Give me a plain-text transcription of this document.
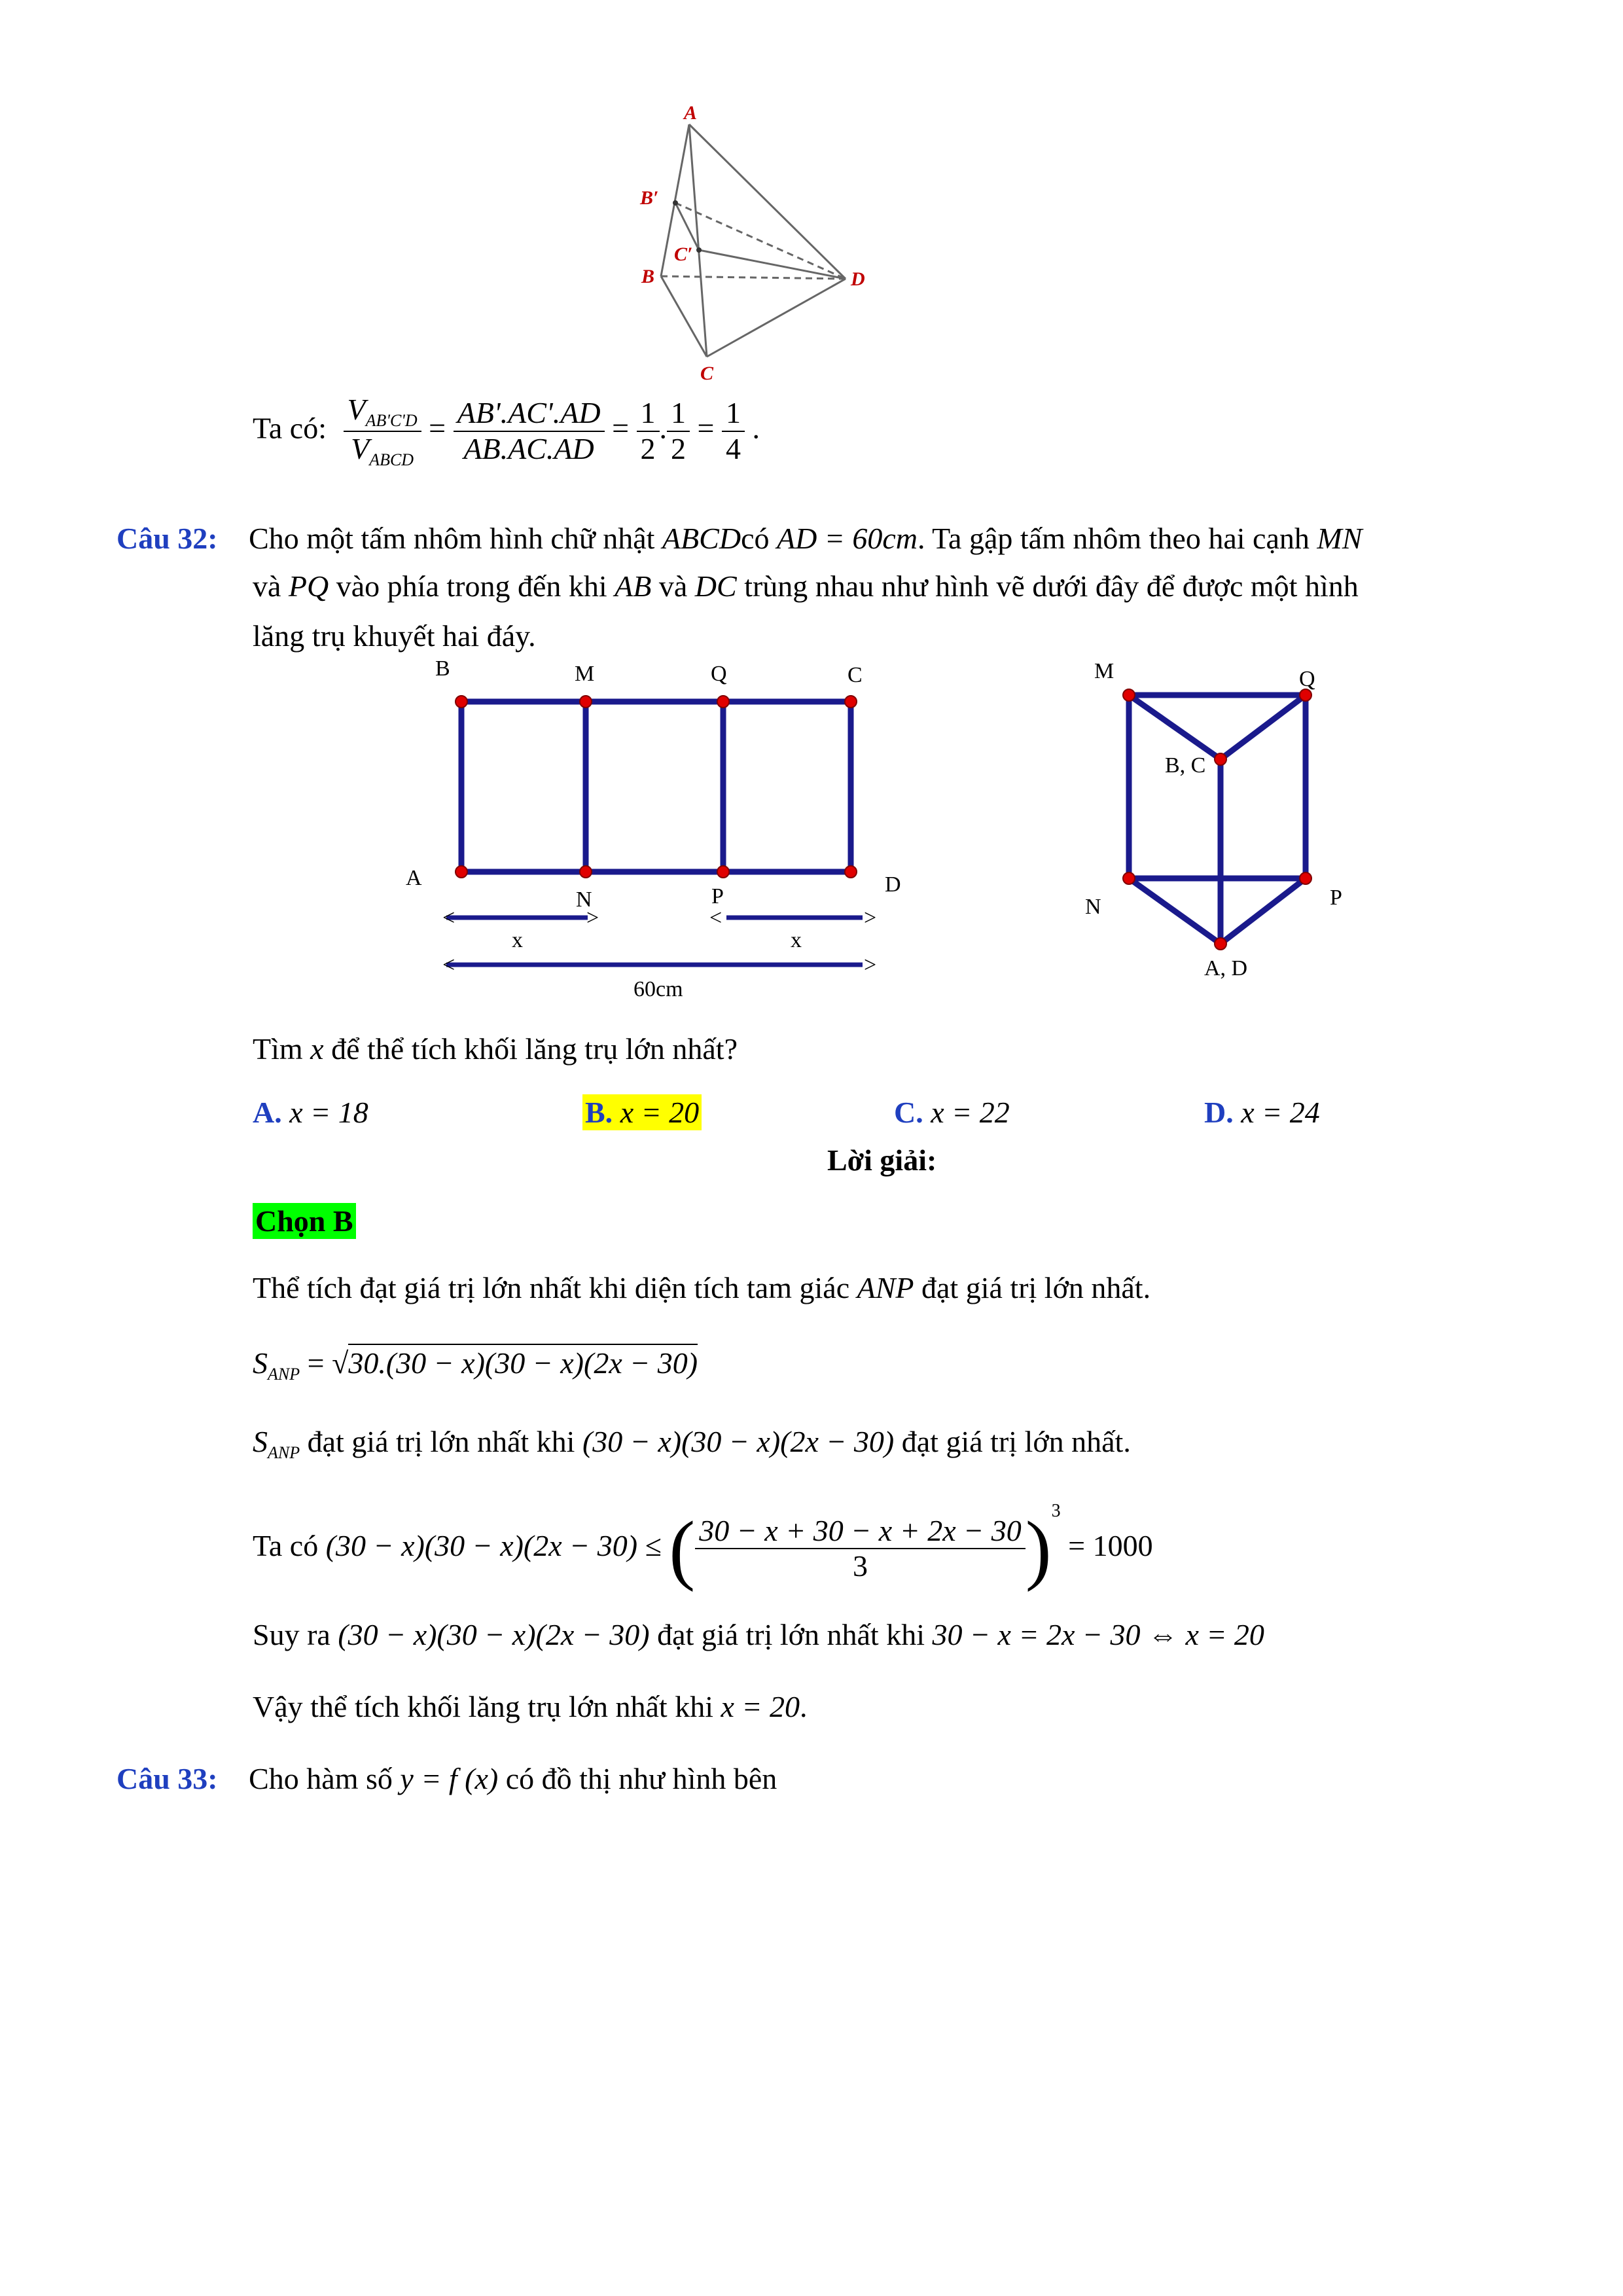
A
B′
C′
B
C
D
Ta có: $\frac{V_{AB'C'D}}{V_{ABCD}} = \frac{AB'.AC'.AD}{AB.AC.AD} = \frac{1}{2}$ . $\frac{1}{2} = \frac{1}{4}$ .
Câu 32: Cho một tấm nhôm hình chữ nhật ABCDcó AD = 60cm. Ta gập tấm nhôm theo hai cạnh MN
và PQ vào phía trong đến khi AB và DC trùng nhau như hình vẽ dưới đây để được một hình
lăng trụ khuyết hai đáy.
B	M	Q	C
A
N	P	D
<	>
x
<	>
x
<	>
60cm
M	Q
B, C
N	P
A, D
Tìm x để thể tích khối lăng trụ lớn nhất?
A. x = 18	B. x = 20	C. x = 22	D. x = 24
Lời giải:
Chọn B
Thể tích đạt giá trị lớn nhất khi diện tích tam giác ANP đạt giá trị lớn nhất.
$S_{ANP} = √30.(30 - x)(30 - x)(2x - 30)$
$S_{ANP}$ đạt giá trị lớn nhất khi (30 − x)(30 − x)(2x − 30) đạt giá trị lớn nhất.
Ta có (30 − x)(30 − x)(2x − 30) ≤ ( $\frac{30 - x + 30 - x + 2x - 30}{3} )^3 = 1000$
Suy ra (30 − x)(30 − x)(2x − 30) đạt giá trị lớn nhất khi 30 − x = 2x − 30 ⇔ x = 20
Vậy thể tích khối lăng trụ lớn nhất khi x = 20.
Câu 33: Cho hàm số y = f (x) có đồ thị như hình bên
